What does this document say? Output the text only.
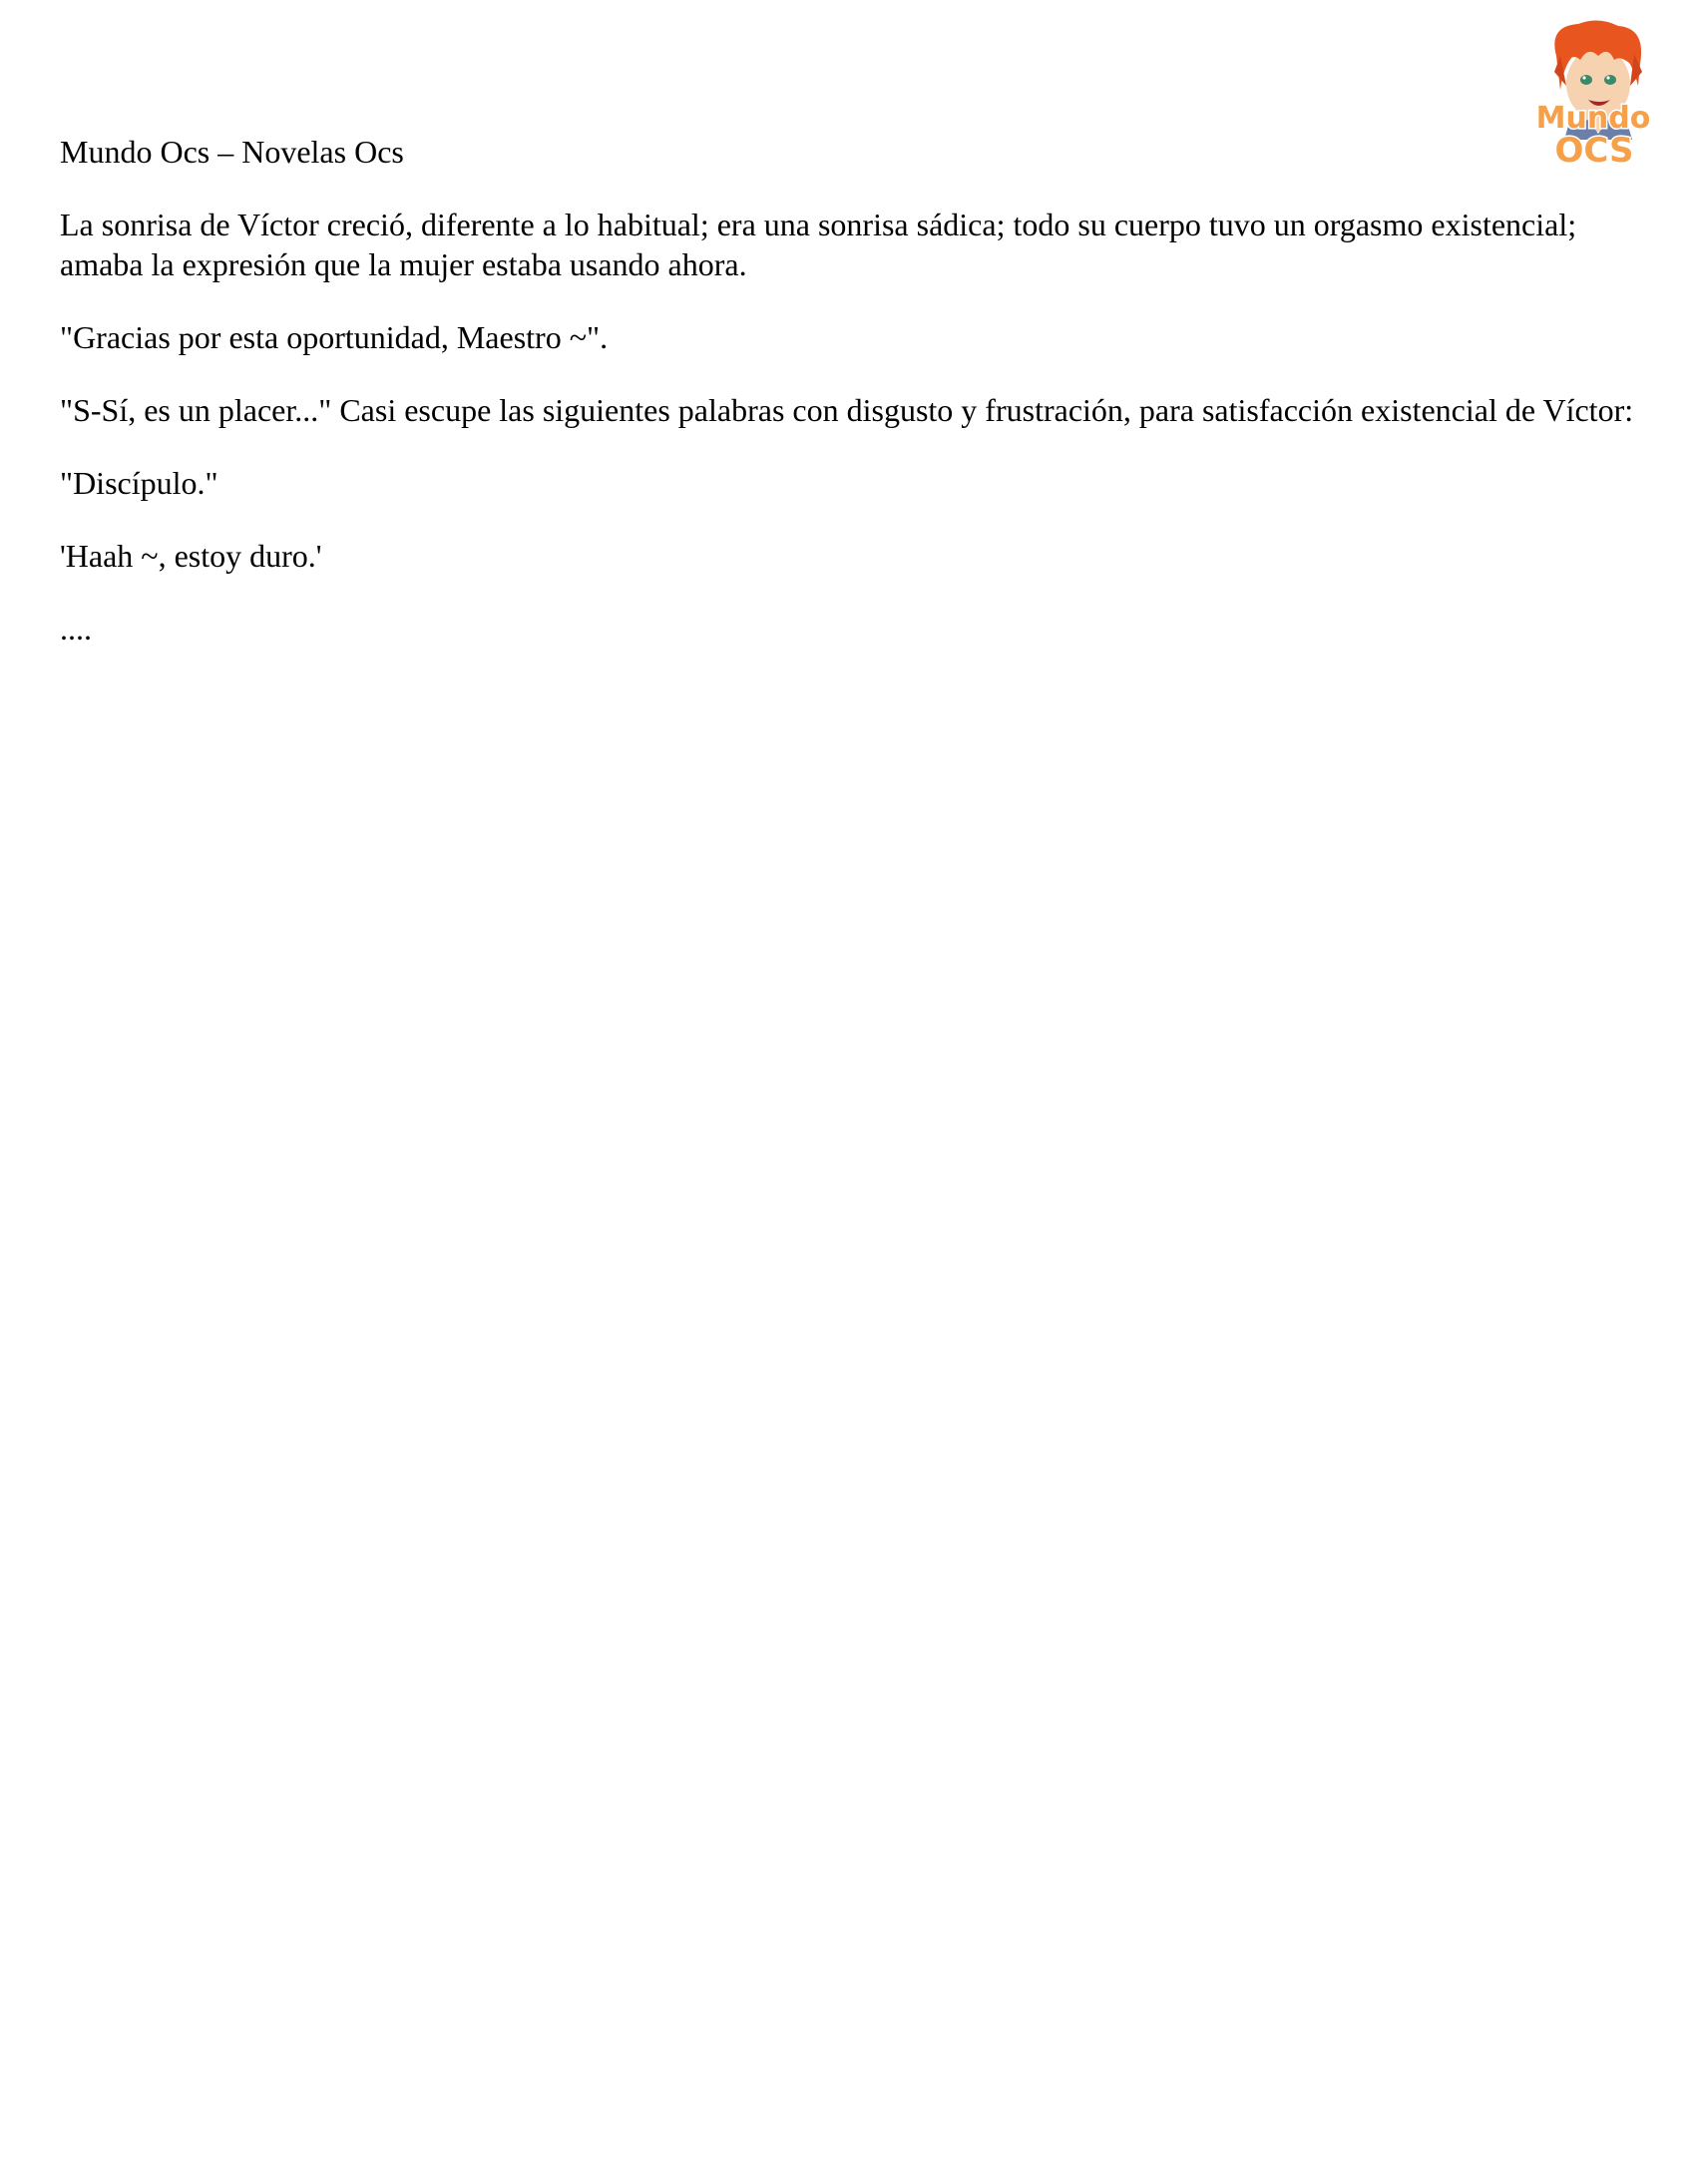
Mundo
OCS

Mundo Ocs – Novelas Ocs

La sonrisa de Víctor creció, diferente a lo habitual; era una sonrisa sádica; todo su cuerpo tuvo un orgasmo existencial; amaba la expresión que la mujer estaba usando ahora.

"Gracias por esta oportunidad, Maestro ~".

"S-Sí, es un placer..." Casi escupe las siguientes palabras con disgusto y frustración, para satisfacción existencial de Víctor:

"Discípulo."

'Haah ~, estoy duro.'

....
